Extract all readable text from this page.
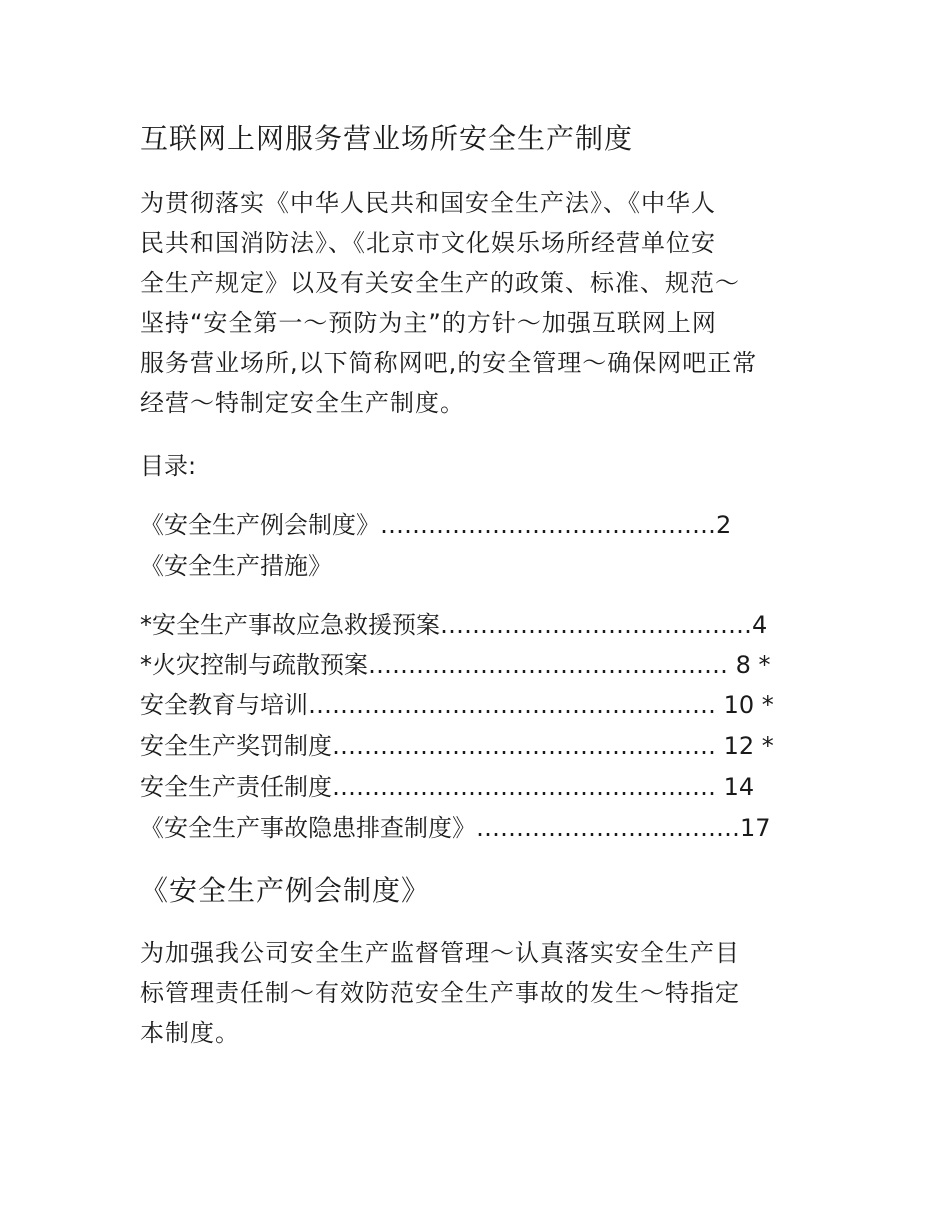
互联网上网服务营业场所安全生产制度
为贯彻落实《中华人民共和国安全生产法》、《中华人
民共和国消防法》、《北京市文化娱乐场所经营单位安
全生产规定》以及有关安全生产的政策、标准、规范～
坚持“安全第一～预防为主”的方针～加强互联网上网
服务营业场所,以下简称网吧,的安全管理～确保网吧正常
经营～特制定安全生产制度。
目录:
《安全生产例会制度》……………………………………2
《安全生产措施》
*安全生产事故应急救援预案…………………………………4
*火灾控制与疏散预案……………………………………… 8 *
安全教育与培训…………………………………………… 10 *
安全生产奖罚制度………………………………………… 12 *
安全生产责任制度………………………………………… 14
《安全生产事故隐患排查制度》……………………………17
《安全生产例会制度》
为加强我公司安全生产监督管理～认真落实安全生产目
标管理责任制～有效防范安全生产事故的发生～特指定
本制度。
